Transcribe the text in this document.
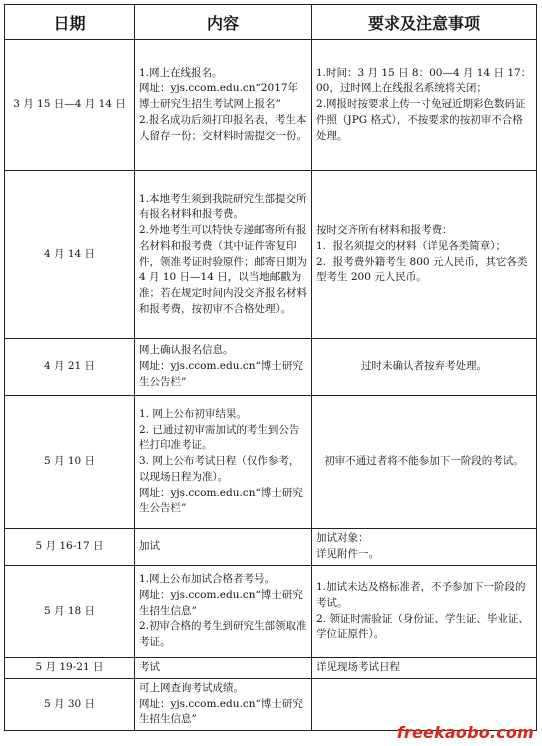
日期	内容	要求及注意事项
3 月 15 日—4 月 14 日	1.网上在线报名。
网址：yjs.ccom.edu.cn“2017年博士研究生招生考试网上报名”
2.报名成功后须打印报名表，考生本人留存一份；交材料时需提交一份。	1.时间：3 月 15 日 8：00—4 月 14 日 17：00，过时网上在线报名系统将关闭；
2.网报时按要求上传一寸免冠近期彩色数码证件照（JPG 格式），不按要求的按初审不合格处理。
4 月 14 日	1.本地考生须到我院研究生部提交所有报名材料和报考费。
2.外地考生可以特快专递邮寄所有报名材料和报考费（其中证件寄复印件，领准考证时验原件；邮寄日期为 4 月 10 日—14 日，以当地邮戳为准；若在规定时间内没交齐报名材料和报考费，按初审不合格处理）。	按时交齐所有材料和报考费：
1.  报名须提交的材料（详见各类简章）；
2.  报考费外籍考生 800 元人民币，其它各类型考生 200 元人民币。
4 月 21 日	网上确认报名信息。
网址：yjs.ccom.edu.cn“博士研究生公告栏”	过时未确认者按弃考处理。
5 月 10 日	1. 网上公布初审结果。
2. 已通过初审需加试的考生到公告栏打印准考证。
3. 网上公布考试日程（仅作参考，以现场日程为准）。
网址：yjs.ccom.edu.cn“博士研究生公告栏”	初审不通过者将不能参加下一阶段的考试。
5 月 16-17 日	加试	加试对象：
详见附件一。
5 月 18 日	1.网上公布加试合格者考号。
网址：yjs.ccom.edu.cn“博士研究生招生信息”
2.初审合格的考生到研究生部领取准考证。	1.加试未达及格标准者，不予参加下一阶段的考试。
2. 领证时需验证（身份证、学生证、毕业证、学位证原件）。
5 月 19-21 日	考试	详见现场考试日程
5 月 30 日	可上网查询考试成绩。
网址：yjs.ccom.edu.cn“博士研究生招生信息”	
freekaobo.com
